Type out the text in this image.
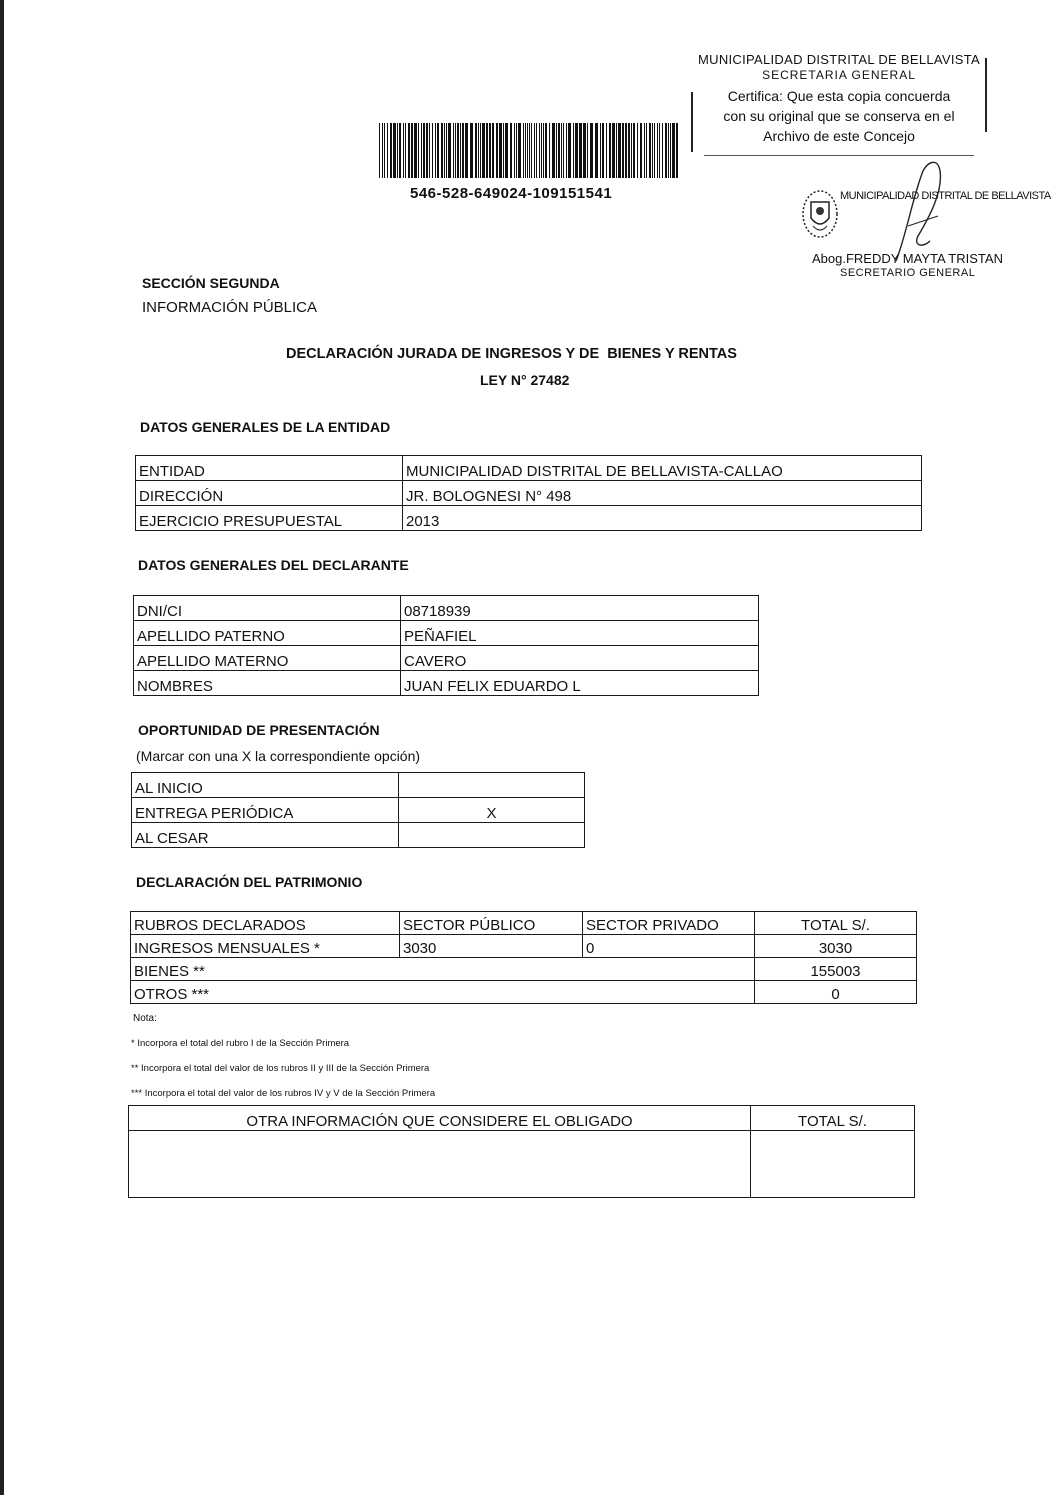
MUNICIPALIDAD DISTRITAL DE BELLAVISTA
SECRETARIA GENERAL
Certifica: Que esta copia concuerda
con su original que se conserva en el
Archivo de este Concejo
546-528-649024-109151541	MUNICIPALIDAD DISTRITAL DE BELLAVISTA
Abog.FREDDY MAYTA TRISTAN
SECRETARIO GENERAL
SECCIÓN SEGUNDA
INFORMACIÓN PÚBLICA
DECLARACIÓN JURADA DE INGRESOS Y DE  BIENES Y RENTAS
LEY N° 27482
DATOS GENERALES DE LA ENTIDAD
ENTIDAD	MUNICIPALIDAD DISTRITAL DE BELLAVISTA-CALLAO
DIRECCIÓN	JR. BOLOGNESI N° 498
EJERCICIO PRESUPUESTAL	2013
DATOS GENERALES DEL DECLARANTE
DNI/CI	08718939
APELLIDO PATERNO	PEÑAFIEL
APELLIDO MATERNO	CAVERO
NOMBRES	JUAN FELIX EDUARDO L
OPORTUNIDAD DE PRESENTACIÓN
(Marcar con una X la correspondiente opción)
AL INICIO	
ENTREGA PERIÓDICA	X
AL CESAR	
DECLARACIÓN DEL PATRIMONIO
RUBROS DECLARADOS	SECTOR PÚBLICO	SECTOR PRIVADO	TOTAL S/.
INGRESOS MENSUALES *	3030	0	3030
BIENES **			155003
OTROS ***			0
Nota:
* Incorpora el total del rubro I de la Sección Primera
** Incorpora el total del valor de los rubros II y III de la Sección Primera
*** Incorpora el total del valor de los rubros IV y V de la Sección Primera
OTRA INFORMACIÓN QUE CONSIDERE EL OBLIGADO	TOTAL S/.
